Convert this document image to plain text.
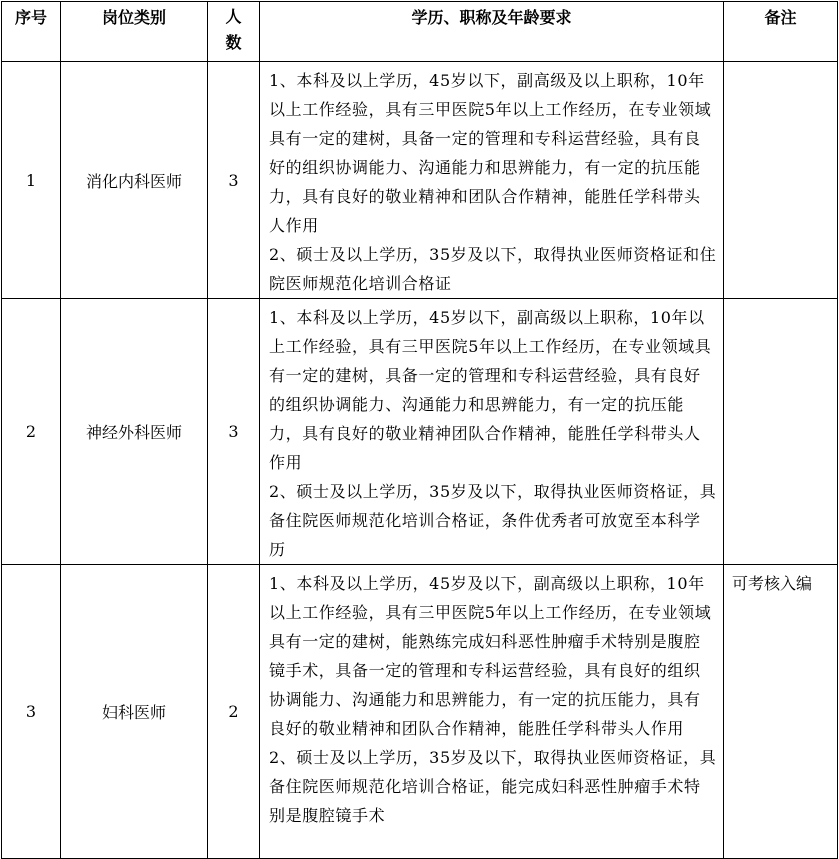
序号	岗位类别	人数	学历、职称及年龄要求	备注

1	消化内科医师	3	1、本科及以上学历，45岁以下，副高级及以上职称，10年以上工作经验，具有三甲医院5年以上工作经历，在专业领域具有一定的建树，具备一定的管理和专科运营经验，具有良好的组织协调能力、沟通能力和思辨能力，有一定的抗压能力，具有良好的敬业精神和团队合作精神，能胜任学科带头人作用

2、硕士及以上学历，35岁及以下，取得执业医师资格证和住院医师规范化培训合格证	

2	神经外科医师	3	1、本科及以上学历，45岁以下，副高级以上职称，10年以上工作经验，具有三甲医院5年以上工作经历，在专业领域具有一定的建树，具备一定的管理和专科运营经验，具有良好的组织协调能力、沟通能力和思辨能力，有一定的抗压能力，具有良好的敬业精神团队合作精神，能胜任学科带头人作用

2、硕士及以上学历，35岁及以下，取得执业医师资格证，具备住院医师规范化培训合格证，条件优秀者可放宽至本科学历	

3	妇科医师	2	1、本科及以上学历，45岁及以下，副高级以上职称，10年以上工作经验，具有三甲医院5年以上工作经历，在专业领域具有一定的建树，能熟练完成妇科恶性肿瘤手术特别是腹腔镜手术，具备一定的管理和专科运营经验，具有良好的组织协调能力、沟通能力和思辨能力，有一定的抗压能力，具有良好的敬业精神和团队合作精神，能胜任学科带头人作用

2、硕士及以上学历，35岁及以下，取得执业医师资格证，具备住院医师规范化培训合格证，能完成妇科恶性肿瘤手术特别是腹腔镜手术	可考核入编
